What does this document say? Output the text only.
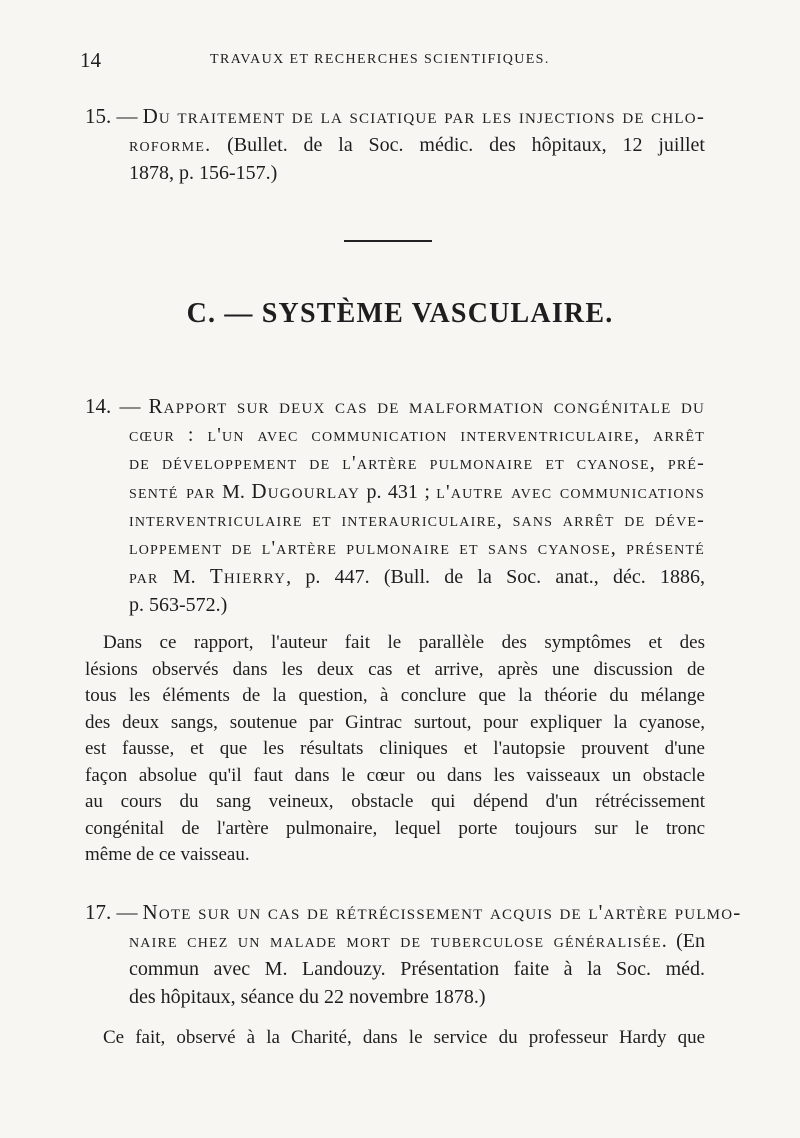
14	TRAVAUX ET RECHERCHES SCIENTIFIQUES.
15. — Du traitement de la sciatique par les injections de chlo-
roforme. (Bullet. de la Soc. médic. des hôpitaux, 12 juillet
1878, p. 156-157.)
C. — SYSTÈME VASCULAIRE.
14. — Rapport sur deux cas de malformation congénitale du
cœur : l'un avec communication interventriculaire, arrêt
de développement de l'artère pulmonaire et cyanose, pré-
senté par M. Dugourlay p. 431 ; l'autre avec communications
interventriculaire et interauriculaire, sans arrêt de déve-
loppement de l'artère pulmonaire et sans cyanose, présenté
par M. Thierry, p. 447. (Bull. de la Soc. anat., déc. 1886,
p. 563-572.)
Dans ce rapport, l'auteur fait le parallèle des symptômes et des
lésions observés dans les deux cas et arrive, après une discussion de
tous les éléments de la question, à conclure que la théorie du mélange
des deux sangs, soutenue par Gintrac surtout, pour expliquer la cyanose,
est fausse, et que les résultats cliniques et l'autopsie prouvent d'une
façon absolue qu'il faut dans le cœur ou dans les vaisseaux un obstacle
au cours du sang veineux, obstacle qui dépend d'un rétrécissement
congénital de l'artère pulmonaire, lequel porte toujours sur le tronc
même de ce vaisseau.
17. — Note sur un cas de rétrécissement acquis de l'artère pulmo-
naire chez un malade mort de tuberculose généralisée. (En
commun avec M. Landouzy. Présentation faite à la Soc. méd.
des hôpitaux, séance du 22 novembre 1878.)
Ce fait, observé à la Charité, dans le service du professeur Hardy que
